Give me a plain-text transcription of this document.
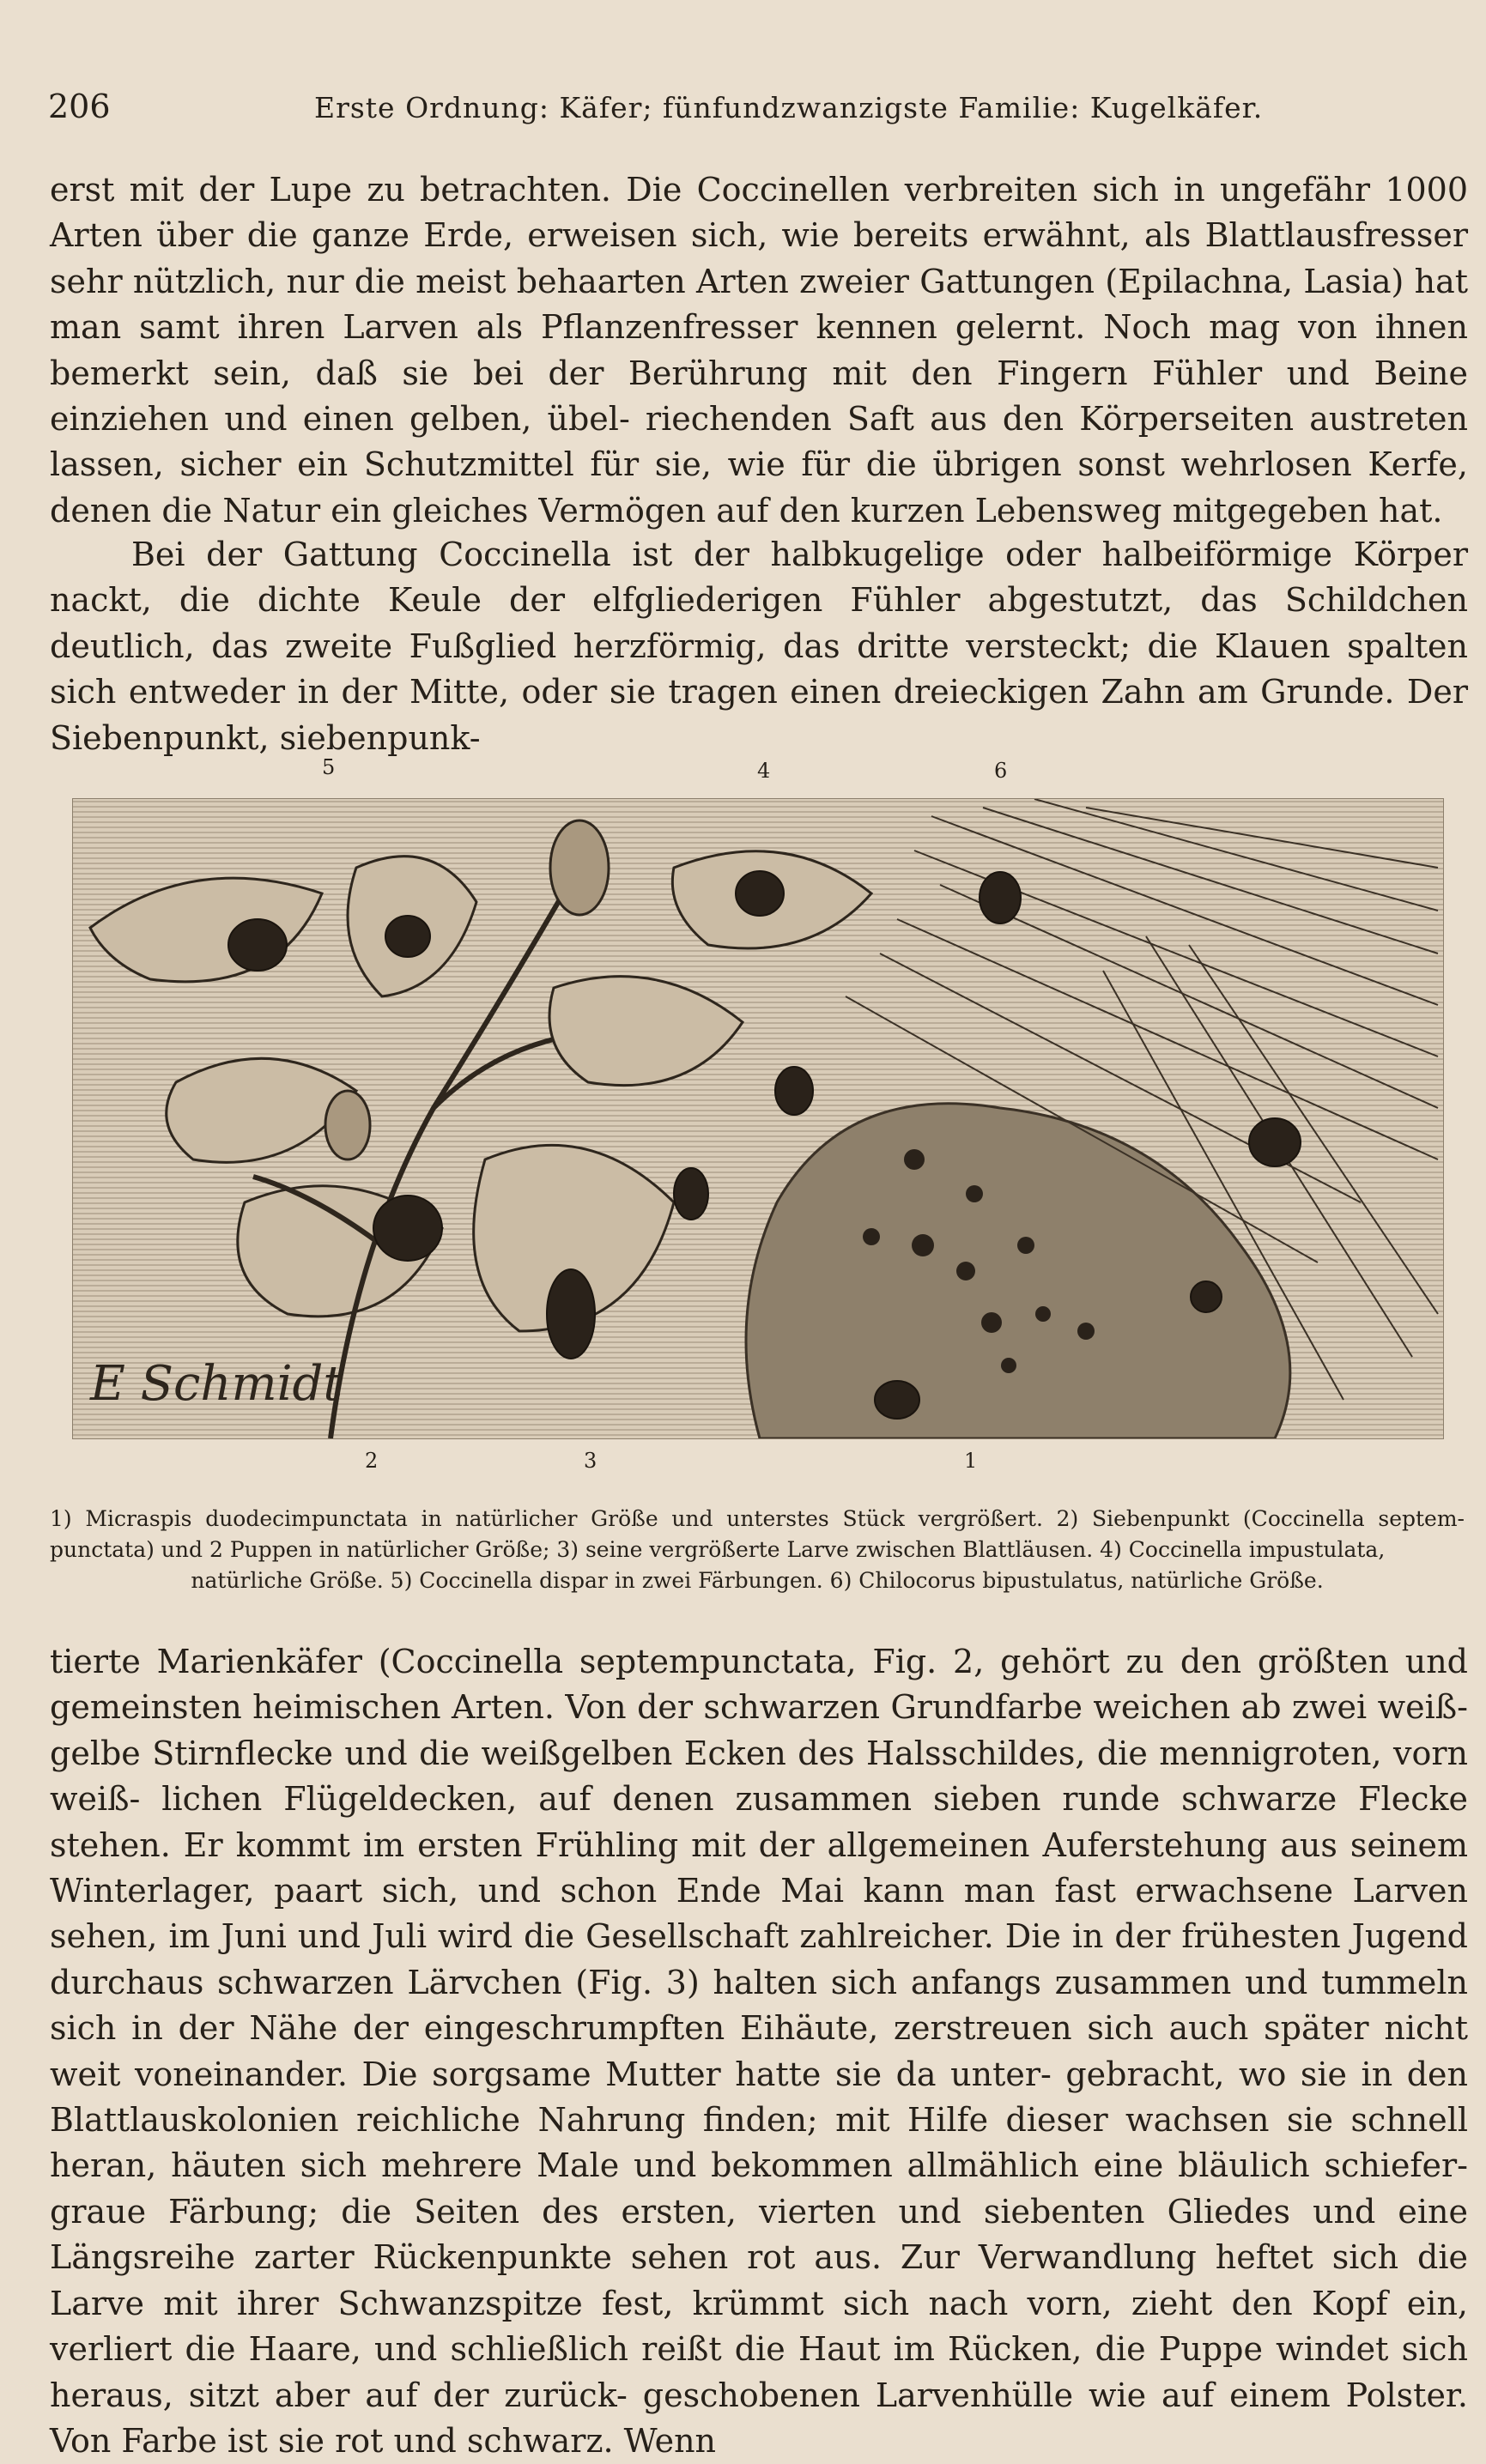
206	Erste Ordnung: Käfer; fünfundzwanzigste Familie: Kugelkäfer.

erst mit der Lupe zu betrachten. Die Coccinellen verbreiten sich in ungefähr 1000 Arten über die ganze Erde, erweisen sich, wie bereits erwähnt, als Blattlausfresser sehr nützlich, nur die meist behaarten Arten zweier Gattungen (Epilachna, Lasia) hat man samt ihren Larven als Pflanzenfresser kennen gelernt. Noch mag von ihnen bemerkt sein, daß sie bei der Berührung mit den Fingern Fühler und Beine einziehen und einen gelben, übel- riechenden Saft aus den Körperseiten austreten lassen, sicher ein Schutzmittel für sie, wie für die übrigen sonst wehrlosen Kerfe, denen die Natur ein gleiches Vermögen auf den kurzen Lebensweg mitgegeben hat.

Bei der Gattung Coccinella ist der halbkugelige oder halbeiförmige Körper nackt, die dichte Keule der elfgliederigen Fühler abgestutzt, das Schildchen deutlich, das zweite Fußglied herzförmig, das dritte versteckt; die Klauen spalten sich entweder in der Mitte, oder sie tragen einen dreieckigen Zahn am Grunde. Der Siebenpunkt, siebenpunk-

5	4	6
E Schmidt
2	3	1

1) Micraspis duodecimpunctata in natürlicher Größe und unterstes Stück vergrößert. 2) Siebenpunkt (Coccinella septem- punctata) und 2 Puppen in natürlicher Größe; 3) seine vergrößerte Larve zwischen Blattläusen. 4) Coccinella impustulata,
natürliche Größe. 5) Coccinella dispar in zwei Färbungen. 6) Chilocorus bipustulatus, natürliche Größe.

tierte Marienkäfer (Coccinella septempunctata, Fig. 2, gehört zu den größten und gemeinsten heimischen Arten. Von der schwarzen Grundfarbe weichen ab zwei weiß- gelbe Stirnflecke und die weißgelben Ecken des Halsschildes, die mennigroten, vorn weiß- lichen Flügeldecken, auf denen zusammen sieben runde schwarze Flecke stehen. Er kommt im ersten Frühling mit der allgemeinen Auferstehung aus seinem Winterlager, paart sich, und schon Ende Mai kann man fast erwachsene Larven sehen, im Juni und Juli wird die Gesellschaft zahlreicher. Die in der frühesten Jugend durchaus schwarzen Lärvchen (Fig. 3) halten sich anfangs zusammen und tummeln sich in der Nähe der eingeschrumpften Eihäute, zerstreuen sich auch später nicht weit voneinander. Die sorgsame Mutter hatte sie da unter- gebracht, wo sie in den Blattlauskolonien reichliche Nahrung finden; mit Hilfe dieser wachsen sie schnell heran, häuten sich mehrere Male und bekommen allmählich eine bläulich schiefer- graue Färbung; die Seiten des ersten, vierten und siebenten Gliedes und eine Längsreihe zarter Rückenpunkte sehen rot aus. Zur Verwandlung heftet sich die Larve mit ihrer Schwanzspitze fest, krümmt sich nach vorn, zieht den Kopf ein, verliert die Haare, und schließlich reißt die Haut im Rücken, die Puppe windet sich heraus, sitzt aber auf der zurück- geschobenen Larvenhülle wie auf einem Polster. Von Farbe ist sie rot und schwarz. Wenn
